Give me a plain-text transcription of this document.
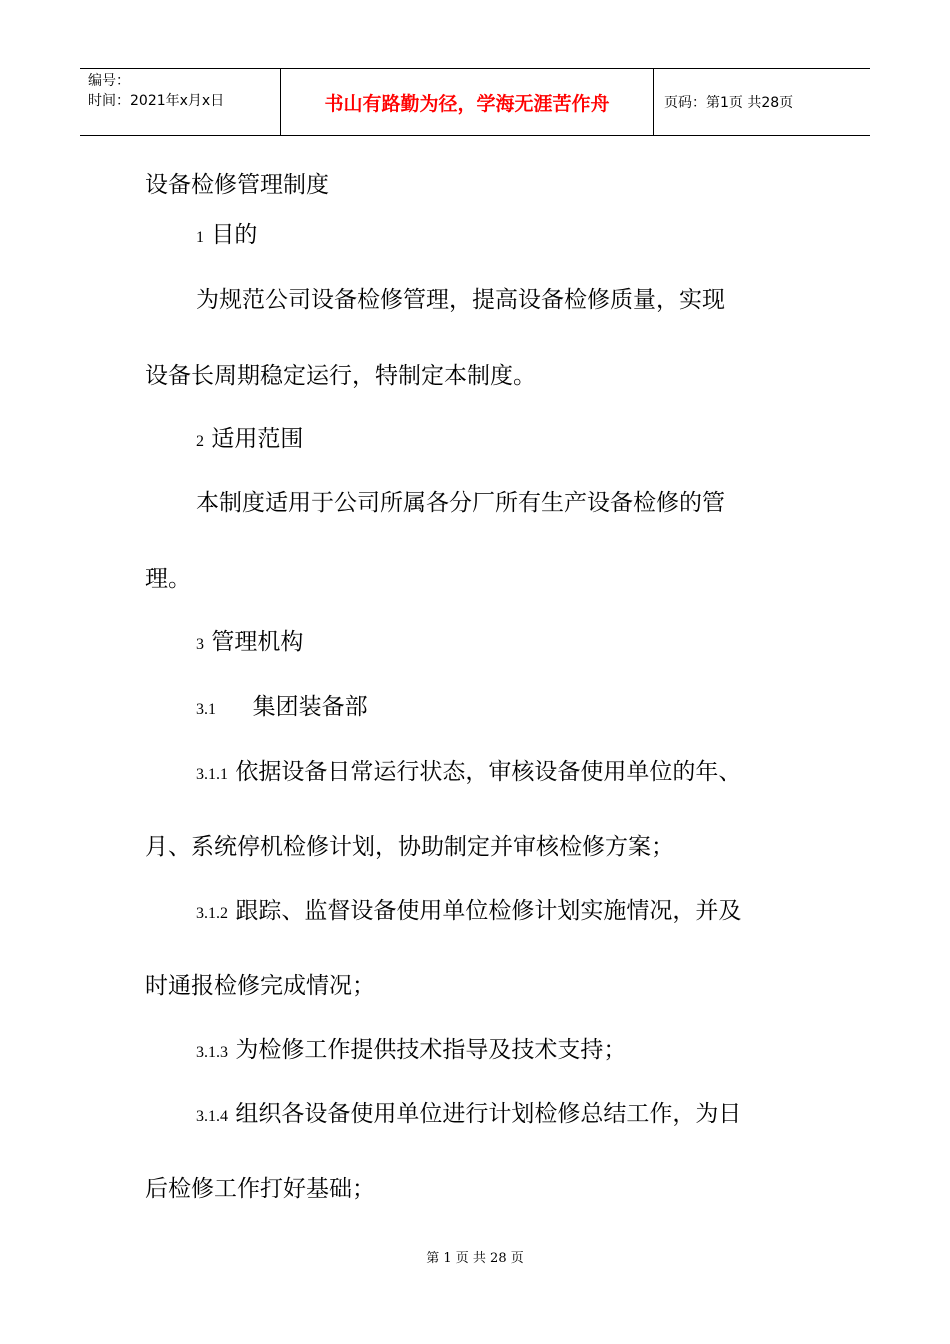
编号：
时间：2021年x月x日	书山有路勤为径，学海无涯苦作舟	页码：第1页 共28页
设备检修管理制度
1 目的
为规范公司设备检修管理，提高设备检修质量，实现
设备长周期稳定运行，特制定本制度。
2 适用范围
本制度适用于公司所属各分厂所有生产设备检修的管
理。
3 管理机构
3.1 集团装备部
3.1.1 依据设备日常运行状态，审核设备使用单位的年、
月、系统停机检修计划，协助制定并审核检修方案；
3.1.2 跟踪、监督设备使用单位检修计划实施情况，并及
时通报检修完成情况；
3.1.3 为检修工作提供技术指导及技术支持；
3.1.4 组织各设备使用单位进行计划检修总结工作，为日
后检修工作打好基础；
第 1 页 共 28 页
